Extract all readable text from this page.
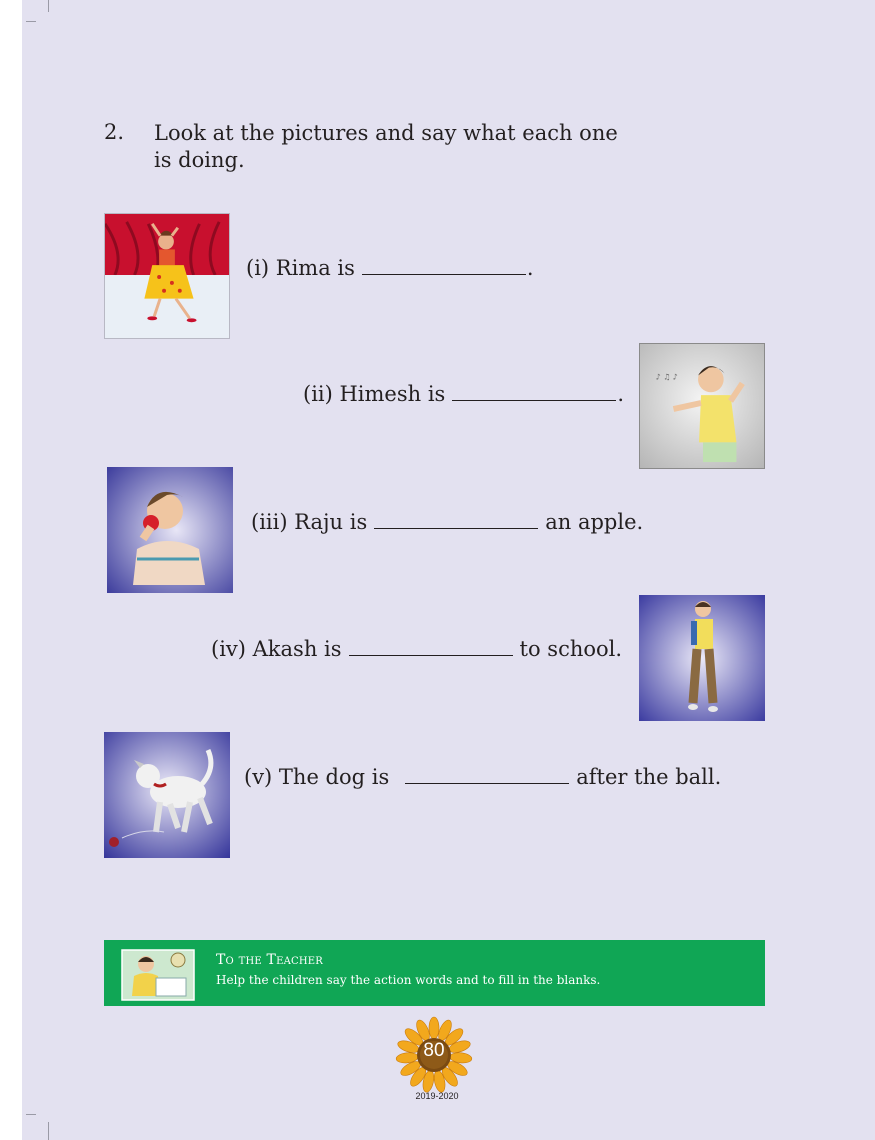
2. Look at the pictures and say what each one is doing.
(i) Rima is	.
(ii) Himesh is	.
♪ ♫ ♪
(iii) Raju is	an apple.
(iv) Akash is	to school.
(v) The dog is	after the ball.
To the Teacher
Help the children say the action words and to fill in the blanks.
80
2019-2020
